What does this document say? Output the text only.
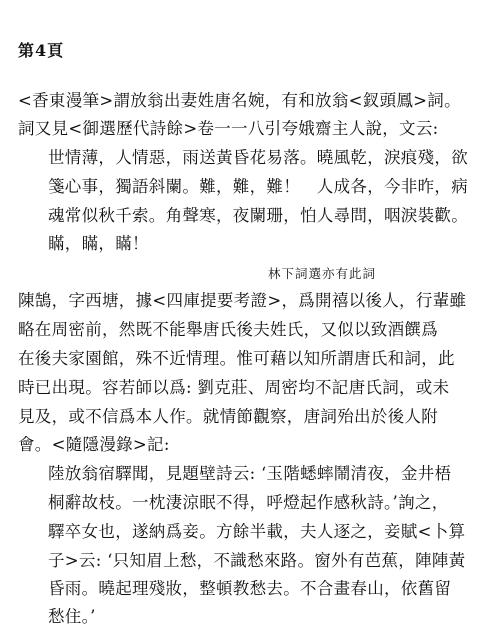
第4頁
<香東漫筆>謂放翁出妻姓唐名婉，有和放翁<釵頭鳳>詞。
詞又見<御選歷代詩餘>卷一一八引夸娥齋主人說，文云:
世情薄，人情惡，雨送黃昏花易落。曉風乾，淚痕殘，欲
箋心事，獨語斜闌。難，難，難！　人成各，今非昨，病
魂常似秋千索。角聲寒，夜闌珊，怕人尋問，咽淚裝歡。
瞞，瞞，瞞！
林下詞選亦有此詞
陳鵠，字西塘，據<四庫提要考證>，爲開禧以後人，行輩雖
略在周密前，然既不能舉唐氏後夫姓氏，又似以致酒饌爲
在後夫家園館，殊不近情理。惟可藉以知所謂唐氏和詞，此
時已出現。容若師以爲: 劉克莊、周密均不記唐氏詞，或未
見及，或不信爲本人作。就情節觀察，唐詞殆出於後人附
會。<隨隱漫錄>記:
陸放翁宿驛聞，見題壁詩云: ‘玉階蟋蟀鬧清夜，金井梧
桐辭故枝。一枕淒涼眠不得，呼燈起作感秋詩。’詢之，
驛卒女也，遂納爲妾。方餘半載，夫人逐之，妾賦<卜算
子>云: ‘只知眉上愁，不識愁來路。窗外有芭蕉，陣陣黃
昏雨。曉起理殘妝，整頓教愁去。不合畫春山，依舊留
愁住。’
